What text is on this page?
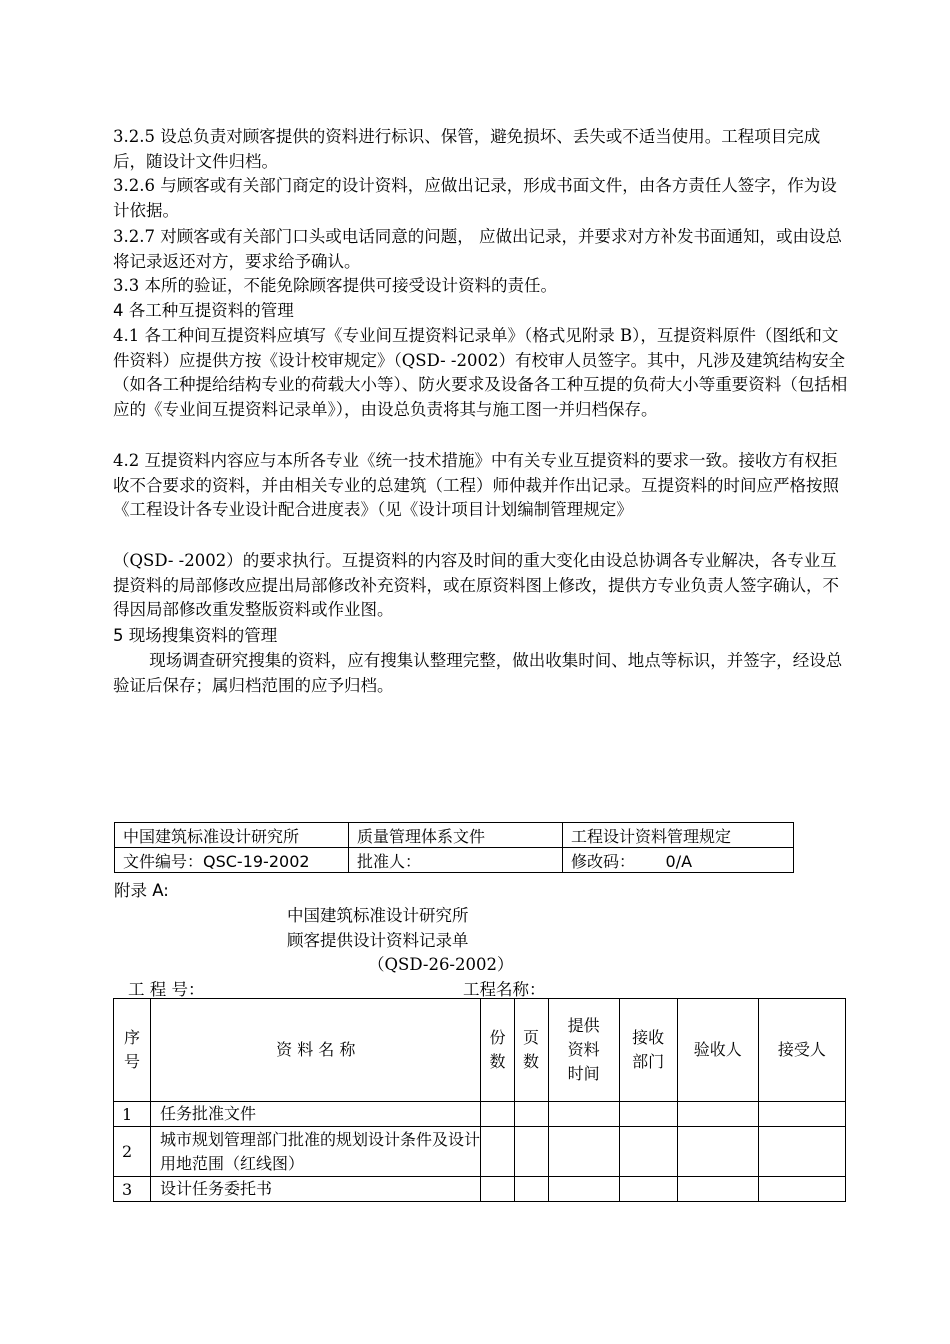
3.2.5 设总负责对顾客提供的资料进行标识、保管，避免损坏、丢失或不适当使用。工程项目完成后，随设计文件归档。

3.2.6 与顾客或有关部门商定的设计资料，应做出记录，形成书面文件，由各方责任人签字，作为设计依据。

3.2.7 对顾客或有关部门口头或电话同意的问题， 应做出记录，并要求对方补发书面通知，或由设总将记录返还对方，要求给予确认。

3.3 本所的验证，不能免除顾客提供可接受设计资料的责任。

4 各工种互提资料的管理

4.1 各工种间互提资料应填写《专业间互提资料记录单》（格式见附录 B），互提资料原件（图纸和文件资料）应提供方按《设计校审规定》（QSD- -2002）有校审人员签字。其中，凡涉及建筑结构安全（如各工种提给结构专业的荷载大小等）、防火要求及设备各工种互提的负荷大小等重要资料（包括相应的《专业间互提资料记录单》），由设总负责将其与施工图一并归档保存。

4.2 互提资料内容应与本所各专业《统一技术措施》中有关专业互提资料的要求一致。接收方有权拒收不合要求的资料，并由相关专业的总建筑（工程）师仲裁并作出记录。互提资料的时间应严格按照《工程设计各专业设计配合进度表》（见《设计项目计划编制管理规定》

（QSD- -2002）的要求执行。互提资料的内容及时间的重大变化由设总协调各专业解决，各专业互提资料的局部修改应提出局部修改补充资料，或在原资料图上修改，提供方专业负责人签字确认，不得因局部修改重发整版资料或作业图。

5 现场搜集资料的管理

现场调查研究搜集的资料，应有搜集认整理完整，做出收集时间、地点等标识，并签字，经设总验证后保存；属归档范围的应予归档。

中国建筑标准设计研究所	质量管理体系文件	工程设计资料管理规定
文件编号：QSC-19-2002	批准人：	修改码：      0/A
附录 A:
中国建筑标准设计研究所
顾客提供设计资料记录单
（QSD-26-2002）
工 程 号：	工程名称：
序号	资 料 名 称	份数	页数	提供资料时间	接收部门	验收人	接受人
1	任务批准文件						
2	城市规划管理部门批准的规划设计条件及设计用地范围（红线图）						
3	设计任务委托书						
